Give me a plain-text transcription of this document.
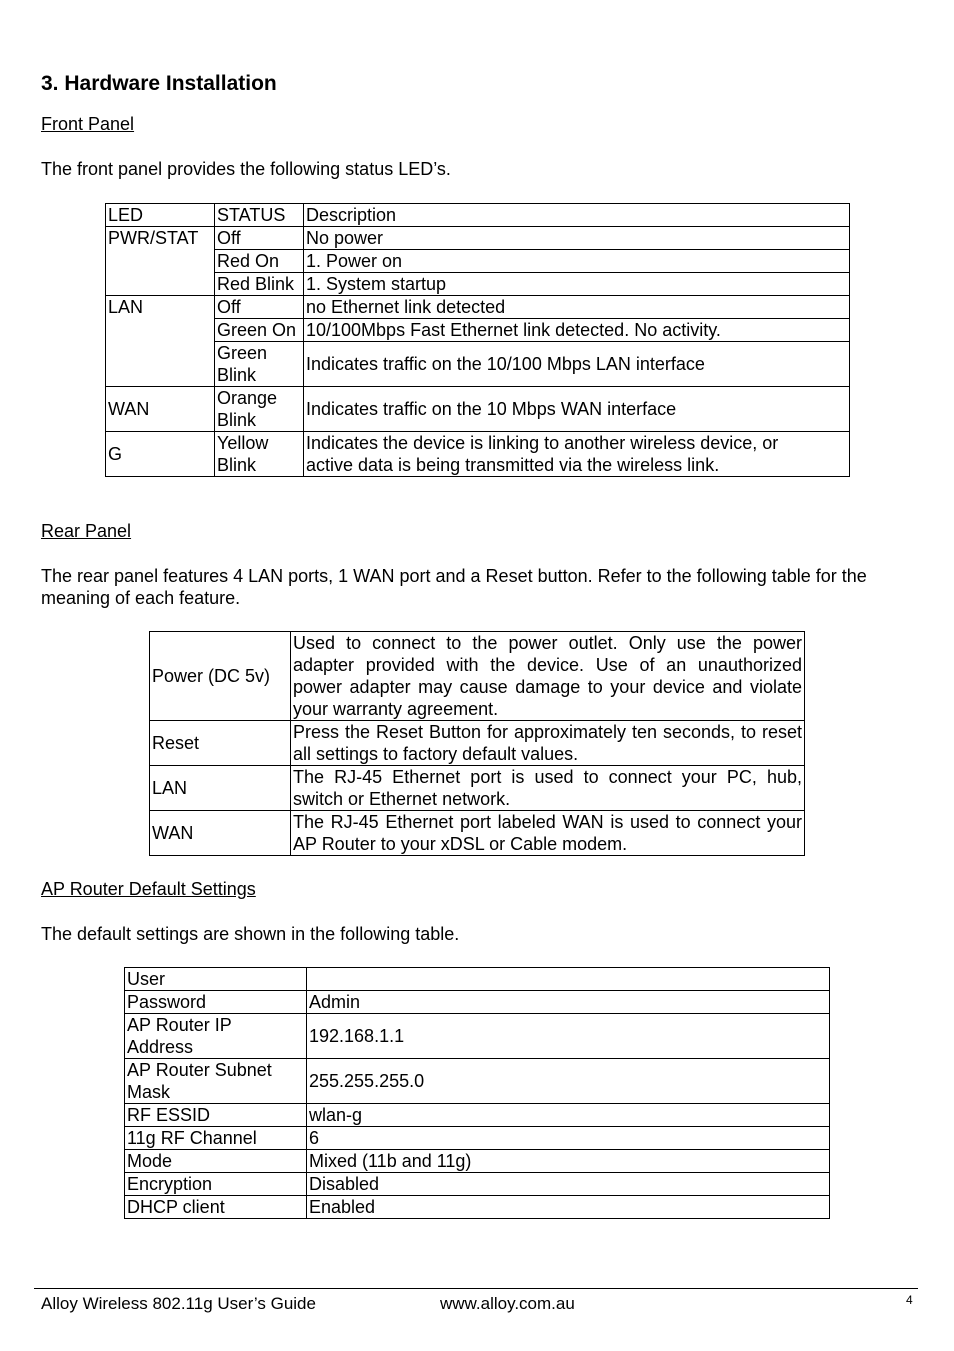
3. Hardware Installation
Front Panel

The front panel provides the following status LED’s.

LED	STATUS	Description
PWR/STAT	Off	No power
	Red On	1. Power on
	Red Blink	1. System startup
LAN	Off	no Ethernet link detected
	Green On	10/100Mbps Fast Ethernet link detected. No activity.
	Green Blink	Indicates traffic on the 10/100 Mbps LAN interface
WAN	Orange Blink	Indicates traffic on the 10 Mbps WAN interface
G	Yellow Blink	Indicates the device is linking to another wireless device, or active data is being transmitted via the wireless link.
Rear Panel

The rear panel features 4 LAN ports, 1 WAN port and a Reset button. Refer to the following table for the meaning of each feature.

Power (DC 5v)	Used to connect to the power outlet. Only use the power adapter provided with the device. Use of an unauthorized power adapter may cause damage to your device and violate your warranty agreement.
Reset	Press the Reset Button for approximately ten seconds, to reset all settings to factory default values.
LAN	The RJ-45 Ethernet port is used to connect your PC, hub, switch or Ethernet network.
WAN	The RJ-45 Ethernet port labeled WAN is used to connect your AP Router to your xDSL or Cable modem.
AP Router Default Settings

The default settings are shown in the following table.

User	
Password	Admin
AP Router IP Address	192.168.1.1
AP Router Subnet Mask	255.255.255.0
RF ESSID	wlan-g
11g RF Channel	6
Mode	Mixed (11b and 11g)
Encryption	Disabled
DHCP client	Enabled
Alloy Wireless 802.11g User’s Guide	www.alloy.com.au	4
